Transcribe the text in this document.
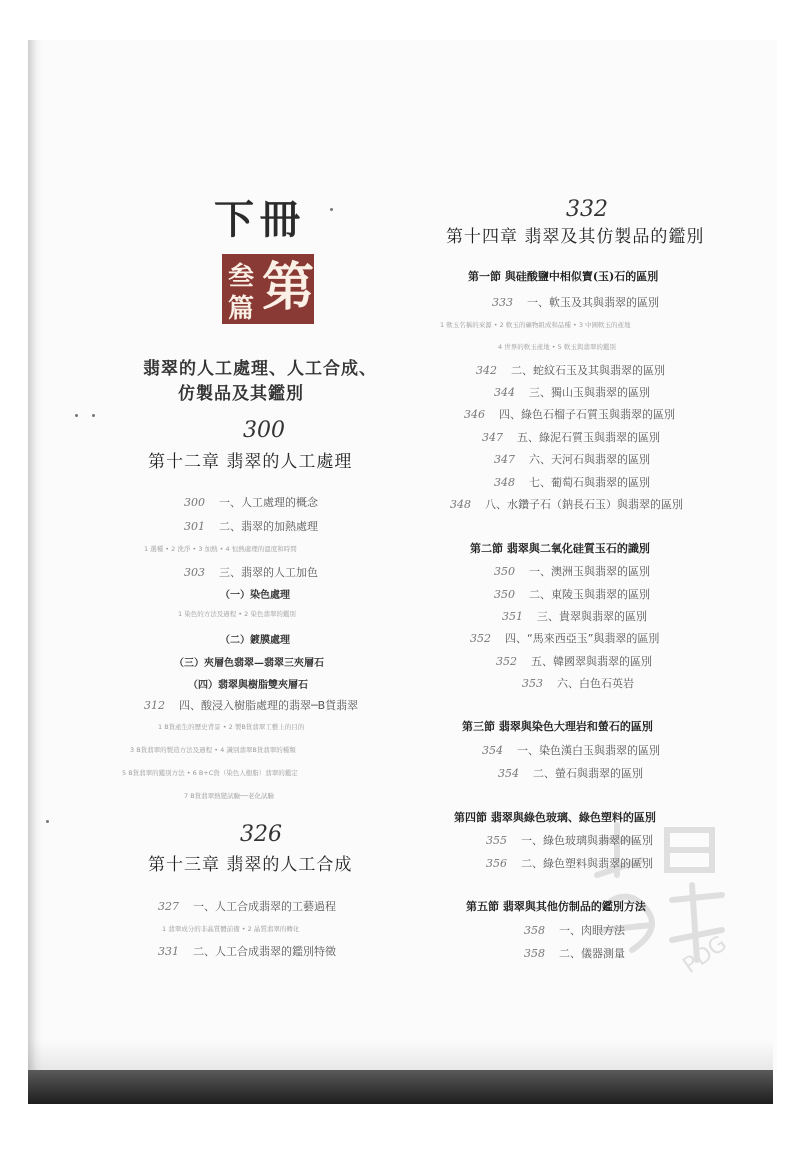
下冊
叁
篇 第
翡翠的人工處理、人工合成、
仿製品及其鑑別
300
第十二章 翡翠的人工處理
300 一、人工處理的概念
301 二、翡翠的加熱處理
1 選種 • 2 洗淨 • 3 加熱 • 4 恒熱處理的溫度和時間
303 三、翡翠的人工加色
（一）染色處理
1 染色的方法及過程 • 2 染色翡翠的鑑別
（二）鍍膜處理
（三）夾層色翡翠—翡翠三夾層石
（四）翡翠與樹脂雙夾層石
312 四、酸浸入樹脂處理的翡翠─B貨翡翠
1 B貨產生的歷史背景 • 2 製B貨翡翠工藝上的目的
3 B貨翡翠的製造方法及過程 • 4 識別翡翠B貨翡翠的種類
5 B貨翡翠的鑑別方法 • 6 B+C貨（染色人樹脂）翡翠的鑑定
7 B貨翡翠熱變試驗──老化試驗
326
第十三章 翡翠的人工合成
327 一、人工合成翡翠的工藝過程
1 翡翠成分的非晶質體前備 • 2 晶質翡翠的轉化
331 二、人工合成翡翠的鑑別特徵
332
第十四章 翡翠及其仿製品的鑑別
第一節 與硅酸鹽中相似寶(玉)石的區別
333 一、軟玉及其與翡翠的區別
1 軟玉名稱的來源 • 2 軟玉的礦物組成和品種 • 3 中國軟玉的產地
4 世界的軟玉產地 • 5 軟玉與翡翠的鑑別
342 二、蛇紋石玉及其與翡翠的區別
344 三、獨山玉與翡翠的區別
346 四、綠色石榴子石質玉與翡翠的區別
347 五、綠泥石質玉與翡翠的區別
347 六、天河石與翡翠的區別
348 七、葡萄石與翡翠的區別
348 八、水鑽子石（鈉長石玉）與翡翠的區別
第二節 翡翠與二氧化硅質玉石的識別
350 一、澳洲玉與翡翠的區別
350 二、東陵玉與翡翠的區別
351 三、貴翠與翡翠的區別
352 四、“馬來西亞玉”與翡翠的區別
352 五、韓國翠與翡翠的區別
353 六、白色石英岩
第三節 翡翠與染色大理岩和螢石的區別
354 一、染色漢白玉與翡翠的區別
354 二、螢石與翡翠的區別
第四節 翡翠與綠色玻璃、綠色塑料的區別
355 一、綠色玻璃與翡翠的區別
356 二、綠色塑料與翡翠的區別
第五節 翡翠與其他仿制品的鑑別方法
358 一、肉眼方法
358 二、儀器測量 PDG
